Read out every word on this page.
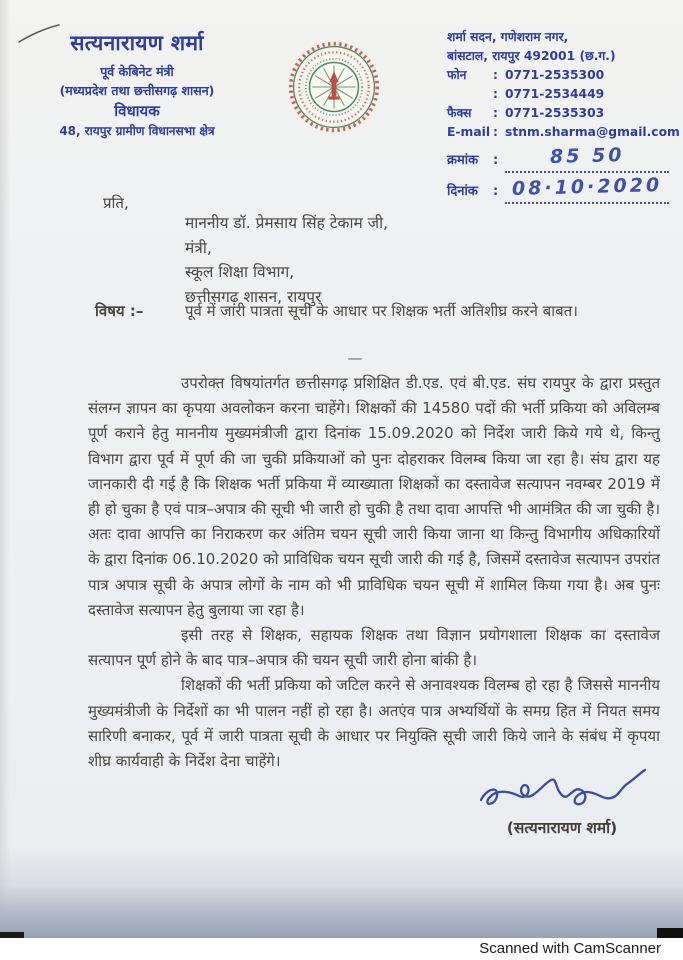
सत्यनारायण शर्मा
पूर्व केबिनेट मंत्री
(मध्यप्रदेश तथा छत्तीसगढ़ शासन)
विधायक
48, रायपुर ग्रामीण विधानसभा क्षेत्र
शर्मा सदन, गणेशराम नगर,
बांसटाल, रायपुर 492001 (छ.ग.)
फोन	: 0771-2535300
: 0771-2534449
फैक्स	: 0771-2535303
E-mail : stnm.sharma@gmail.com
क्रमांक	:	85 50
दिनांक	: 08·10·2020
प्रति,
माननीय डॉ. प्रेमसाय सिंह टेकाम जी,
मंत्री,
स्कूल शिक्षा विभाग,
छत्तीसगढ़ शासन, रायपुर
विषय :–	पूर्व में जारी पात्रता सूची के आधार पर शिक्षक भर्ती अतिशीघ्र करने बाबत।
—

उपरोक्त विषयांतर्गत छत्तीसगढ़ प्रशिक्षित डी.एड. एवं बी.एड. संघ रायपुर के द्वारा प्रस्तुत संलग्न ज्ञापन का कृपया अवलोकन करना चाहेंगे। शिक्षकों की 14580 पदों की भर्ती प्रकिया को अविलम्ब पूर्ण कराने हेतु माननीय मुख्यमंत्रीजी द्वारा दिनांक 15.09.2020 को निर्देश जारी किये गये थे, किन्तु विभाग द्वारा पूर्व में पूर्ण की जा चुकी प्रकियाओं को पुनः दोहराकर विलम्ब किया जा रहा है। संघ द्वारा यह जानकारी दी गई है कि शिक्षक भर्ती प्रकिया में व्याख्याता शिक्षकों का दस्तावेज सत्यापन नवम्बर 2019 में ही हो चुका है एवं पात्र–अपात्र की सूची भी जारी हो चुकी है तथा दावा आपत्ति भी आमंत्रित की जा चुकी है। अतः दावा आपत्ति का निराकरण कर अंतिम चयन सूची जारी किया जाना था किन्तु विभागीय अधिकारियों के द्वारा दिनांक 06.10.2020 को प्राविधिक चयन सूची जारी की गई है, जिसमें दस्तावेज सत्यापन उपरांत पात्र अपात्र सूची के अपात्र लोगों के नाम को भी प्राविधिक चयन सूची में शामिल किया गया है। अब पुनः दस्तावेज सत्यापन हेतु बुलाया जा रहा है।

इसी तरह से शिक्षक, सहायक शिक्षक तथा विज्ञान प्रयोगशाला शिक्षक का दस्तावेज सत्यापन पूर्ण होने के बाद पात्र–अपात्र की चयन सूची जारी होना बांकी है।

शिक्षकों की भर्ती प्रकिया को जटिल करने से अनावश्यक विलम्ब हो रहा है जिससे माननीय मुख्यमंत्रीजी के निर्देशों का भी पालन नहीं हो रहा है। अतएंव पात्र अभ्यर्थियों के समग्र हित में नियत समय सारिणी बनाकर, पूर्व में जारी पात्रता सूची के आधार पर नियुक्ति सूची जारी किये जाने के संबंध में कृपया शीघ्र कार्यवाही के निर्देश देना चाहेंगे।

(सत्यनारायण शर्मा)
Scanned with CamScanner
